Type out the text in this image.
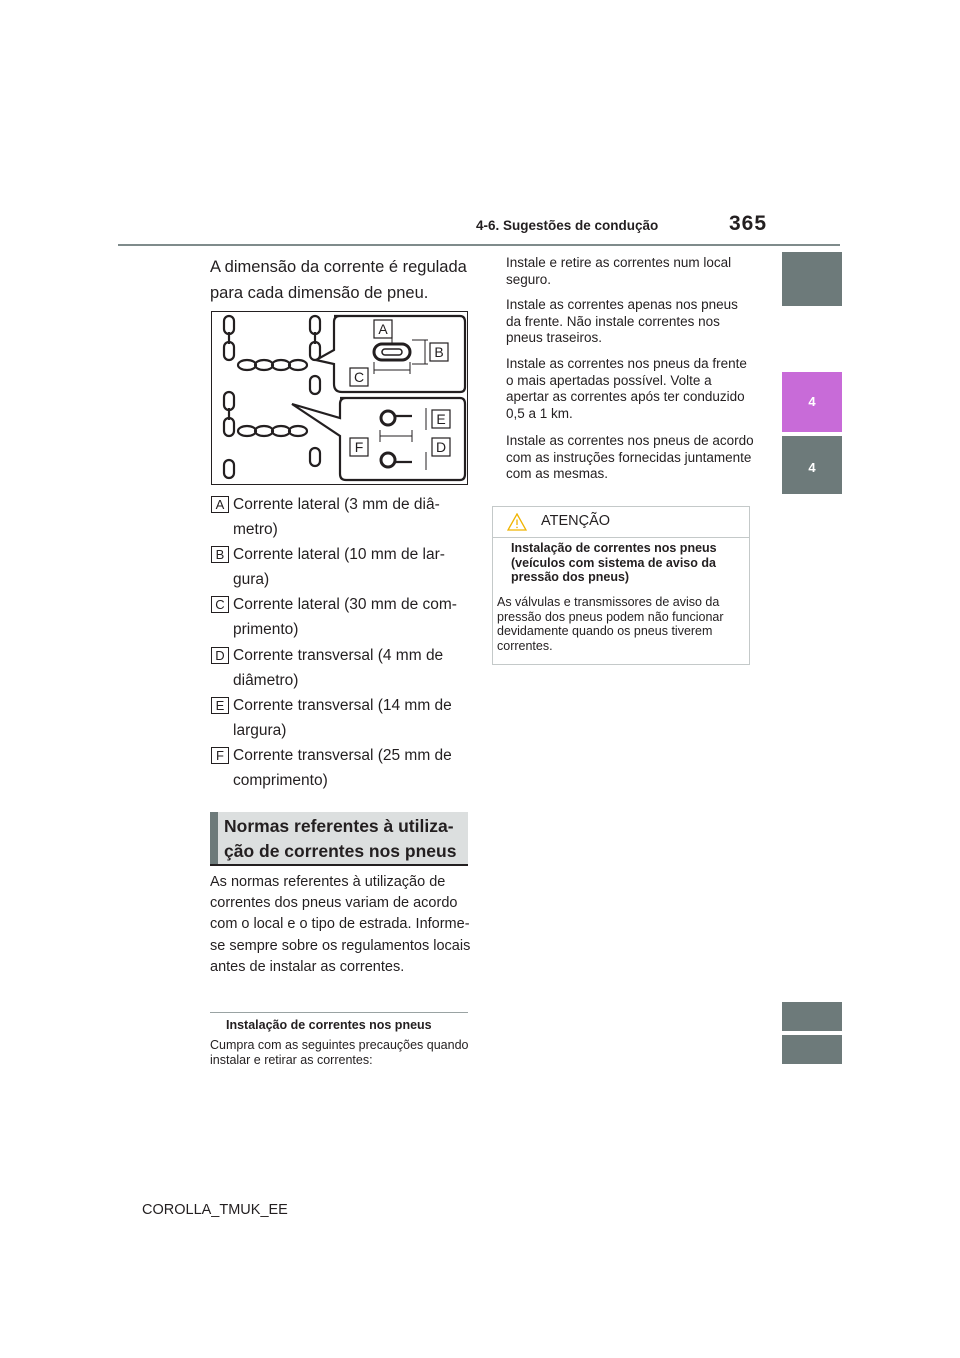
4-6. Sugestões de condução	365
4
4
A dimensão da corrente é regulada para cada dimensão de pneu.
A
B
C
E
F	D
A Corrente lateral (3 mm de diâ-metro)
B Corrente lateral (10 mm de lar-gura)
C Corrente lateral (30 mm de com-primento)
D Corrente transversal (4 mm de diâmetro)
E Corrente transversal (14 mm de largura)
F Corrente transversal (25 mm de comprimento)
Normas referentes à utiliza-ção de correntes nos pneus
As normas referentes à utilização de correntes dos pneus variam de acordo com o local e o tipo de estrada. Informe-se sempre sobre os regulamentos locais antes de instalar as correntes.
Instalação de correntes nos pneus
Cumpra com as seguintes precauções quando instalar e retirar as correntes:
Instale e retire as correntes num local seguro.
Instale as correntes apenas nos pneus da frente. Não instale correntes nos pneus traseiros.
Instale as correntes nos pneus da frente o mais apertadas possível. Volte a apertar as correntes após ter conduzido 0,5 a 1 km.
Instale as correntes nos pneus de acordo com as instruções fornecidas juntamente com as mesmas.
ATENÇÃO
Instalação de correntes nos pneus (veículos com sistema de aviso da pressão dos pneus)
As válvulas e transmissores de aviso da pressão dos pneus podem não funcionar devidamente quando os pneus tiverem correntes.
COROLLA_TMUK_EE
